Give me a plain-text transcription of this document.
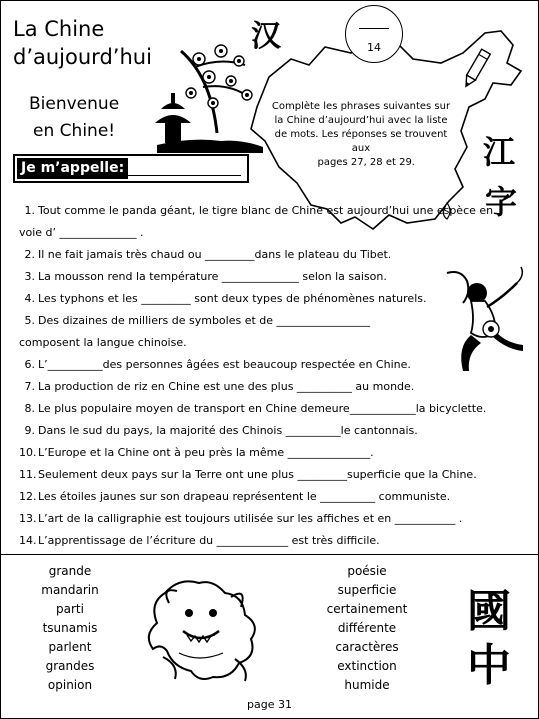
14
汉
江
字
國
中
La Chine
d’aujourd’hui
Bienvenue
en Chine!
Je m’appelle:
Complète les phrases suivantes sur la Chine d’aujourd’hui avec la liste de mots. Les réponses se trouvent aux
pages 27, 28 et 29.
1. Tout comme le panda géant, le tigre blanc de Chine est aujourd’hui une espèce en voie d’ ______________ .
2. Il ne fait jamais très chaud ou _________dans le plateau du Tibet.
3. La mousson rend la température ______________ selon la saison.
4. Les typhons et les _________ sont deux types de phénomènes naturels.
5. Des dizaines de milliers de symboles et de _________________ composent la langue chinoise.
6. L’__________des personnes âgées est beaucoup respectée en Chine.
7. La production de riz en Chine est une des plus __________ au monde.
8. Le plus populaire moyen de transport en Chine demeure____________la bicyclette.
9. Dans le sud du pays, la majorité des Chinois __________le cantonnais.
10. L’Europe et la Chine ont à peu près la même _______________.
11. Seulement deux pays sur la Terre ont une plus _________superficie que la Chine.
12. Les étoiles jaunes sur son drapeau représentent le __________ communiste.
13. L’art de la calligraphie est toujours utilisée sur les affiches et en ___________ .
14. L’apprentissage de l’écriture du _____________ est très difficile.
grande
mandarin
parti
tsunamis
parlent
grandes
opinion
poésie
superficie
certainement
différente
caractères
extinction
humide
page 31
